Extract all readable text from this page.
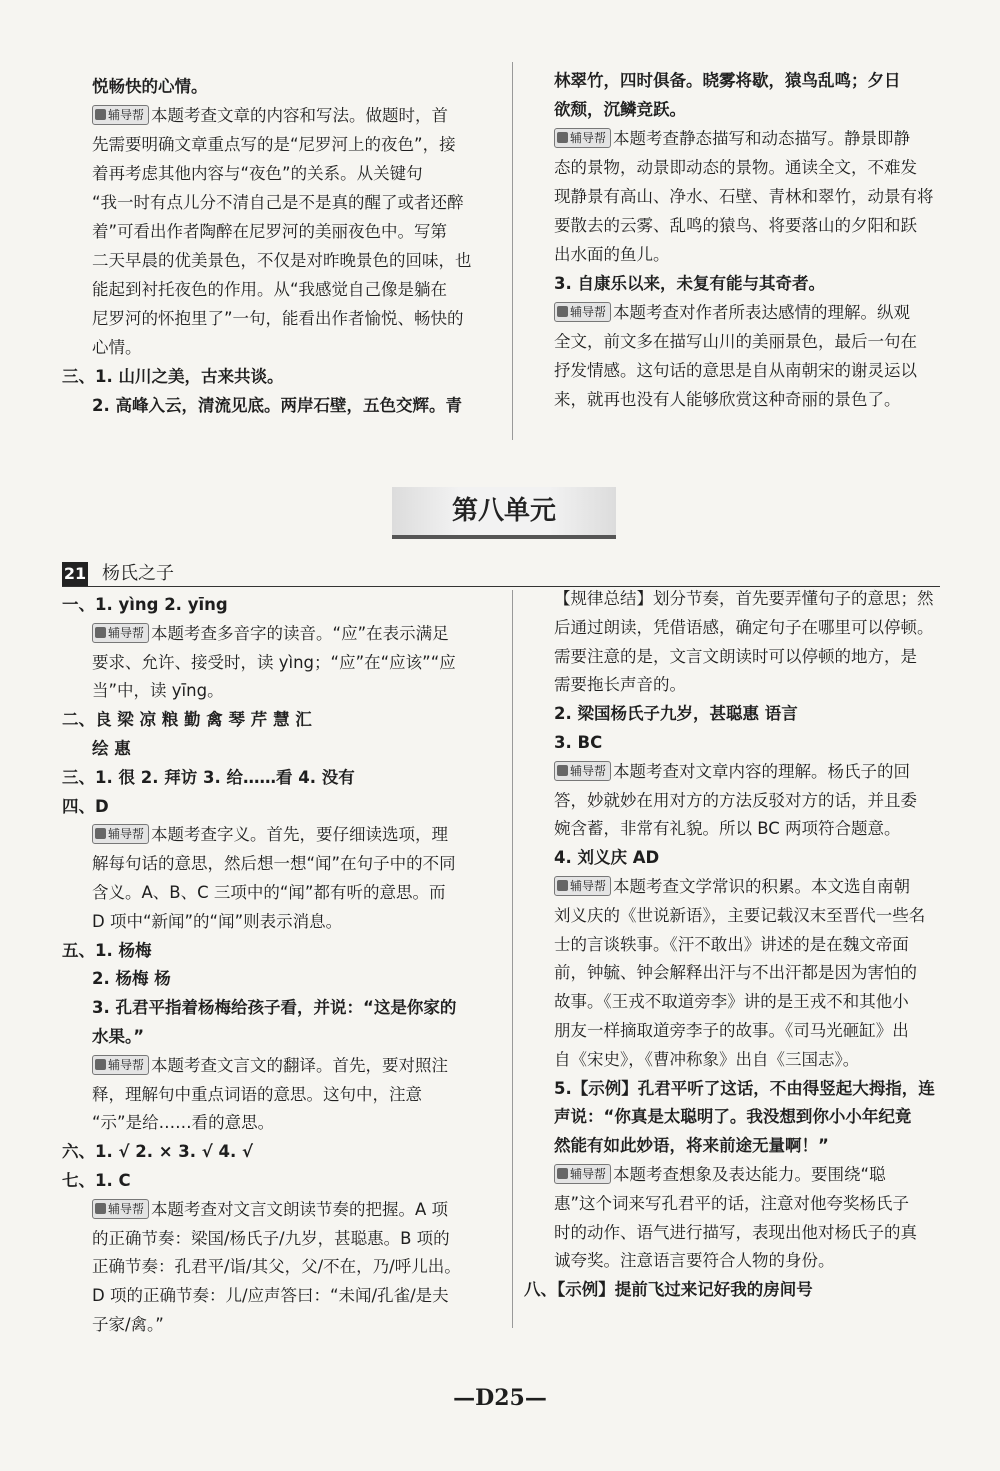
悦畅快的心情。

辅导帮 本题考查文章的内容和写法。做题时，首

先需要明确文章重点写的是“尼罗河上的夜色”，接

着再考虑其他内容与“夜色”的关系。从关键句

“我一时有点儿分不清自己是不是真的醒了或者还醉

着”可看出作者陶醉在尼罗河的美丽夜色中。写第

二天早晨的优美景色，不仅是对昨晚景色的回味，也

能起到衬托夜色的作用。从“我感觉自己像是躺在

尼罗河的怀抱里了”一句，能看出作者愉悦、畅快的

心情。

三、1. 山川之美，古来共谈。

2. 高峰入云，清流见底。两岸石壁，五色交辉。青

林翠竹，四时俱备。晓雾将歇，猿鸟乱鸣；夕日

欲颓，沉鳞竞跃。

辅导帮 本题考查静态描写和动态描写。静景即静

态的景物，动景即动态的景物。通读全文，不难发

现静景有高山、净水、石壁、青林和翠竹，动景有将

要散去的云雾、乱鸣的猿鸟、将要落山的夕阳和跃

出水面的鱼儿。

3. 自康乐以来，未复有能与其奇者。

辅导帮 本题考查对作者所表达感情的理解。纵观

全文，前文多在描写山川的美丽景色，最后一句在

抒发情感。这句话的意思是自从南朝宋的谢灵运以

来，就再也没有人能够欣赏这种奇丽的景色了。

第八单元
21 杨氏之子

一、1. yìng 2. yīng

辅导帮 本题考查多音字的读音。“应”在表示满足

要求、允许、接受时，读 yìng；“应”在“应该”“应

当”中，读 yīng。

二、良 梁 凉 粮 勤 禽 琴 芹 慧 汇

绘 惠

三、1. 很 2. 拜访 3. 给……看 4. 没有

四、D

辅导帮 本题考查字义。首先，要仔细读选项，理

解每句话的意思，然后想一想“闻”在句子中的不同

含义。A、B、C 三项中的“闻”都有听的意思。而

D 项中“新闻”的“闻”则表示消息。

五、1. 杨梅

2. 杨梅 杨

3. 孔君平指着杨梅给孩子看，并说：“这是你家的

水果。”

辅导帮 本题考查文言文的翻译。首先，要对照注

释，理解句中重点词语的意思。这句中，注意

“示”是给……看的意思。

六、1. √ 2. × 3. √ 4. √

七、1. C

辅导帮 本题考查对文言文朗读节奏的把握。A 项

的正确节奏：梁国/杨氏子/九岁，甚聪惠。B 项的

正确节奏：孔君平/诣/其父，父/不在，乃/呼儿出。

D 项的正确节奏：儿/应声答曰：“未闻/孔雀/是夫

子家/禽。”

【规律总结】划分节奏，首先要弄懂句子的意思；然

后通过朗读，凭借语感，确定句子在哪里可以停顿。

需要注意的是，文言文朗读时可以停顿的地方，是

需要拖长声音的。

2. 梁国杨氏子九岁，甚聪惠 语言

3. BC

辅导帮 本题考查对文章内容的理解。杨氏子的回

答，妙就妙在用对方的方法反驳对方的话，并且委

婉含蓄，非常有礼貌。所以 BC 两项符合题意。

4. 刘义庆 AD

辅导帮 本题考查文学常识的积累。本文选自南朝

刘义庆的《世说新语》，主要记载汉末至晋代一些名

士的言谈轶事。《汗不敢出》讲述的是在魏文帝面

前，钟毓、钟会解释出汗与不出汗都是因为害怕的

故事。《王戎不取道旁李》讲的是王戎不和其他小

朋友一样摘取道旁李子的故事。《司马光砸缸》出

自《宋史》，《曹冲称象》出自《三国志》。

5.【示例】孔君平听了这话，不由得竖起大拇指，连

声说：“你真是太聪明了。我没想到你小小年纪竟

然能有如此妙语，将来前途无量啊！”

辅导帮 本题考查想象及表达能力。要围绕“聪

惠”这个词来写孔君平的话，注意对他夸奖杨氏子

时的动作、语气进行描写，表现出他对杨氏子的真

诚夸奖。注意语言要符合人物的身份。

八、【示例】提前飞过来记好我的房间号

—D25—
